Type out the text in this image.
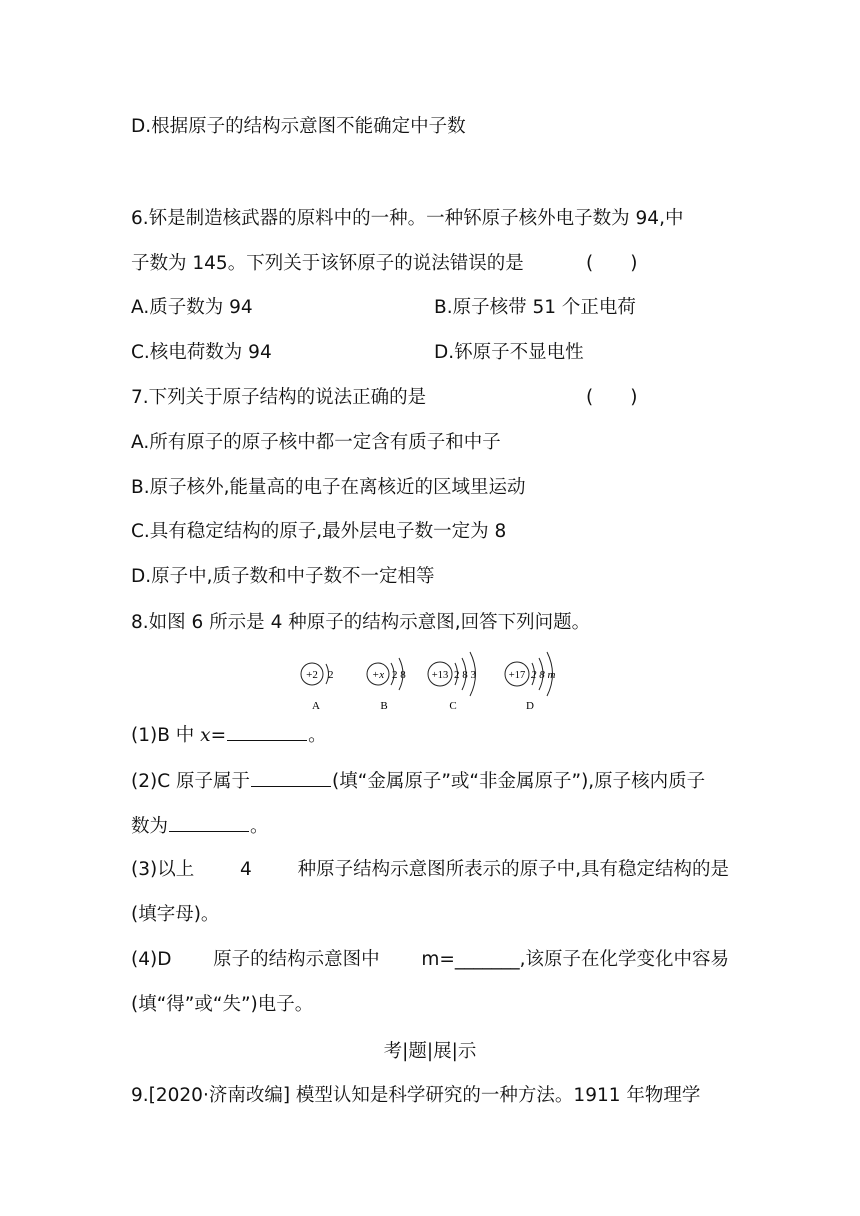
D.根据原子的结构示意图不能确定中子数
6.钚是制造核武器的原料中的一种。一种钚原子核外电子数为 94,中
子数为 145。下列关于该钚原子的说法错误的是	(　　)
A.质子数为 94	B.原子核带 51 个正电荷
C.核电荷数为 94	D.钚原子不显电性
7.下列关于原子结构的说法正确的是	(　　)
A.所有原子的原子核中都一定含有质子和中子
B.原子核外,能量高的电子在离核近的区域里运动
C.具有稳定结构的原子,最外层电子数一定为 8
D.原子中,质子数和中子数不一定相等
8.如图 6 所示是 4 种原子的结构示意图,回答下列问题。
+2 2
A
+x 2 8
B
+13 2 8 3
C
+17 2 8 m
D
(1)B 中 x=	。
(2)C 原子属于	(填“金属原子”或“非金属原子”),原子核内质子
数为	。
(3)以上 4 种原子结构示意图所表示的原子中,具有稳定结构的是
(填字母)。
(4)D 原子的结构示意图中 m=_______,该原子在化学变化中容易
(填“得”或“失”)电子。
考|题|展|示
9.[2020·济南改编] 模型认知是科学研究的一种方法。1911 年物理学
